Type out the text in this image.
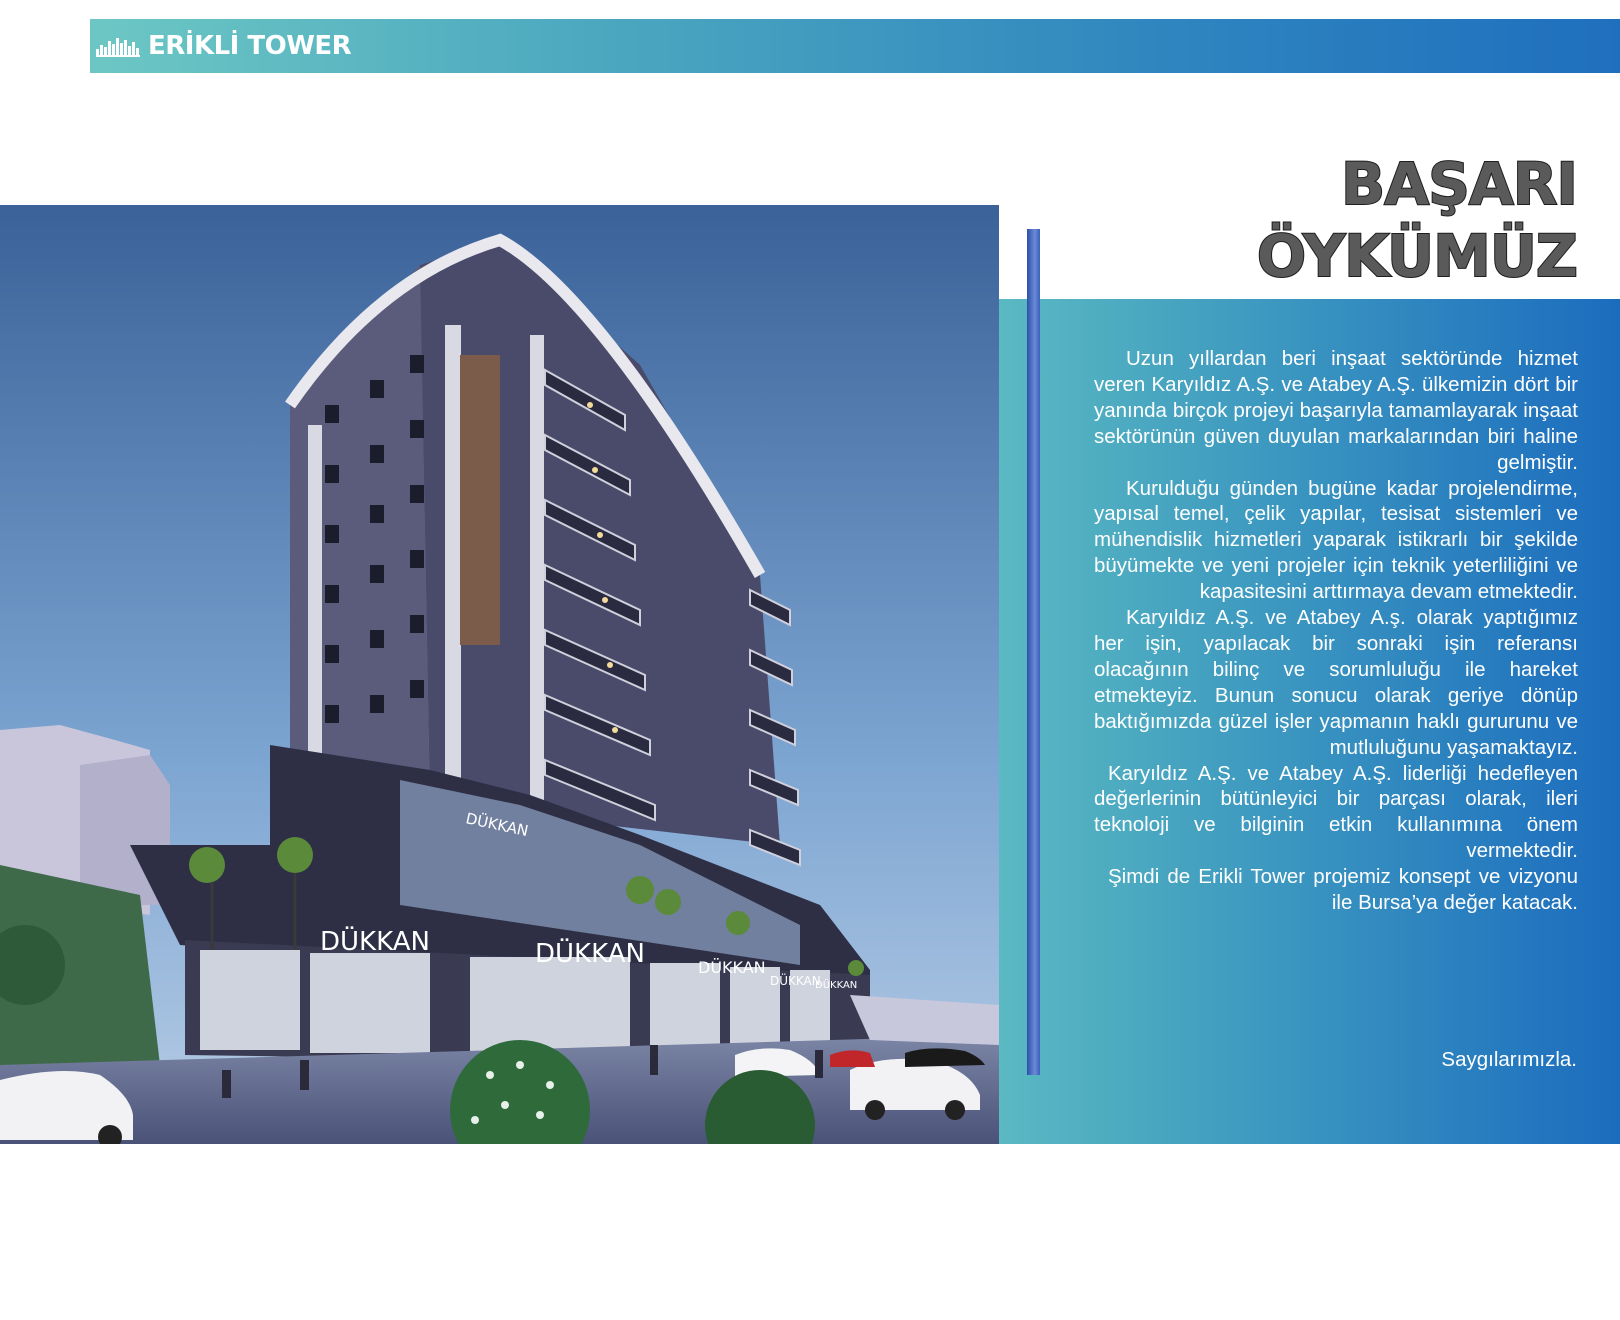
ERİKLİ TOWER
DÜKKAN	DÜKKAN	DÜKKAN
DÜKKAN
DÜKKAN
DÜKKAN
BAŞARI
ÖYKÜMÜZ

Uzun yıllardan beri inşaat sektöründe hizmet veren Karyıldız A.Ş. ve Atabey A.Ş. ülkemizin dört bir yanında birçok projeyi başarıyla tamamlayarak inşaat sektörünün güven duyulan markalarından biri haline gelmiştir.

Kurulduğu günden bugüne kadar projelendirme, yapısal temel, çelik yapılar, tesisat sistemleri ve mühendislik hizmetleri yaparak istikrarlı bir şekilde büyümekte ve yeni projeler için teknik yeterliliğini ve kapasitesini arttırmaya devam etmektedir.

Karyıldız A.Ş. ve Atabey A.ş. olarak yaptığımız her işin, yapılacak bir sonraki işin referansı olacağının bilinç ve sorumluluğu ile hareket etmekteyiz. Bunun sonucu olarak geriye dönüp baktığımızda güzel işler yapmanın haklı gururunu ve mutluluğunu yaşamaktayız.

Karyıldız A.Ş. ve Atabey A.Ş. liderliği hedefleyen değerlerinin bütünleyici bir parçası olarak, ileri teknoloji ve bilginin etkin kullanımına önem vermektedir.

Şimdi de Erikli Tower projemiz konsept ve vizyonu ile Bursa’ya değer katacak.

Saygılarımızla.
